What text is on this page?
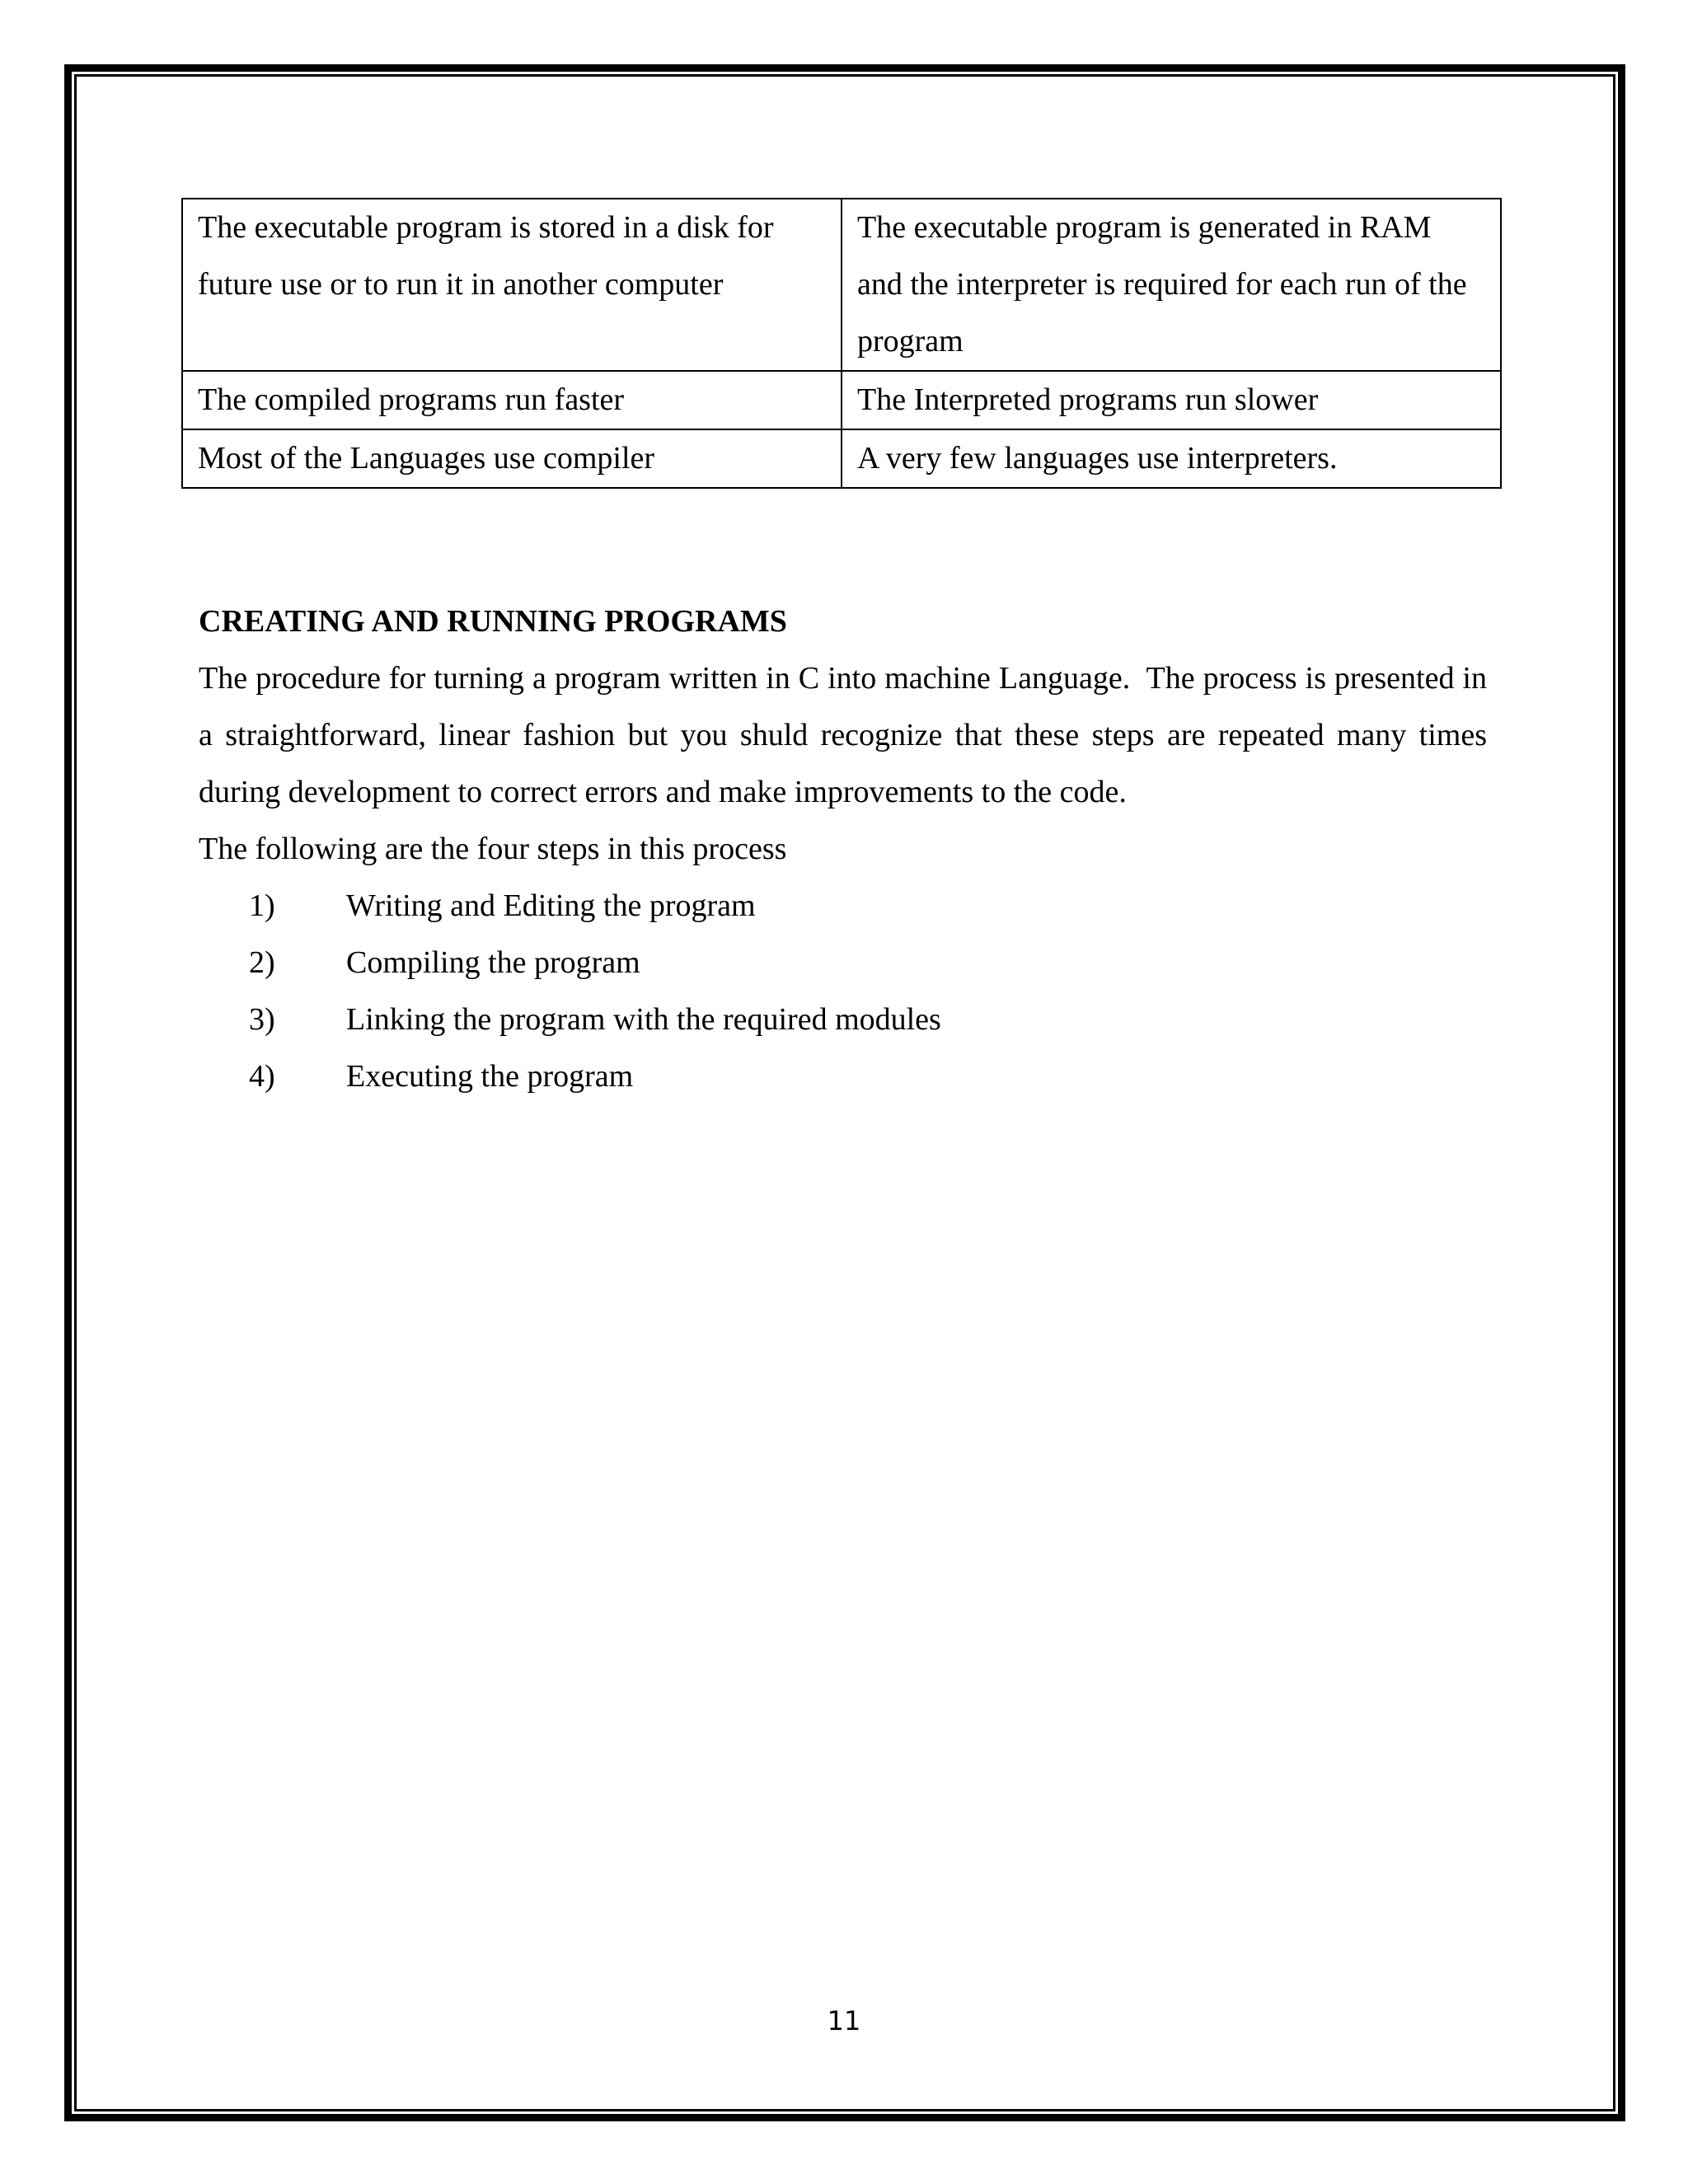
The executable program is stored in a disk for future use or to run it in another computer	The executable program is generated in RAM and the interpreter is required for each run of the program
The compiled programs run faster	The Interpreted programs run slower
Most of the Languages use compiler	A very few languages use interpreters.

CREATING AND RUNNING PROGRAMS

The procedure for turning a program written in C into machine Language.  The process is presented in a straightforward, linear fashion but you shuld recognize that these steps are repeated many times during development to correct errors and make improvements to the code.

The following are the four steps in this process

1)	Writing and Editing the program
2)	Compiling the program
3)	Linking the program with the required modules
4)	Executing the program
11
